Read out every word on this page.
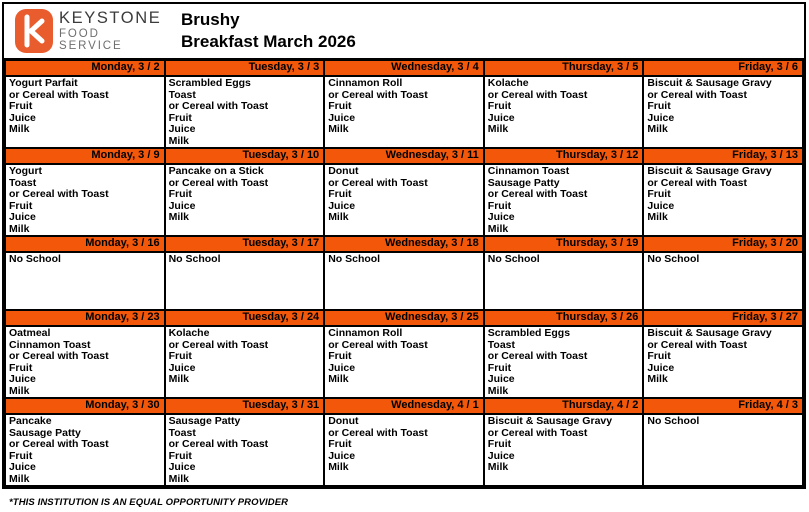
KEYSTONE
FOOD SERVICE
Brushy
Breakfast March 2026
Monday, 3 / 2	Tuesday, 3 / 3	Wednesday, 3 / 4	Thursday, 3 / 5	Friday, 3 / 6

Yogurt Parfait
or Cereal with Toast
Fruit
Juice
Milk

Scrambled Eggs
Toast
or Cereal with Toast
Fruit
Juice
Milk

Cinnamon Roll
or Cereal with Toast
Fruit
Juice
Milk

Kolache
or Cereal with Toast
Fruit
Juice
Milk

Biscuit & Sausage Gravy
or Cereal with Toast
Fruit
Juice
Milk

Monday, 3 / 9	Tuesday, 3 / 10	Wednesday, 3 / 11	Thursday, 3 / 12	Friday, 3 / 13

Yogurt
Toast
or Cereal with Toast
Fruit
Juice
Milk

Pancake on a Stick
or Cereal with Toast
Fruit
Juice
Milk

Donut
or Cereal with Toast
Fruit
Juice
Milk

Cinnamon Toast
Sausage Patty
or Cereal with Toast
Fruit
Juice
Milk

Biscuit & Sausage Gravy
or Cereal with Toast
Fruit
Juice
Milk

Monday, 3 / 16	Tuesday, 3 / 17	Wednesday, 3 / 18	Thursday, 3 / 19	Friday, 3 / 20

No School	No School	No School	No School	No School

Monday, 3 / 23	Tuesday, 3 / 24	Wednesday, 3 / 25	Thursday, 3 / 26	Friday, 3 / 27

Oatmeal
Cinnamon Toast
or Cereal with Toast
Fruit
Juice
Milk

Kolache
or Cereal with Toast
Fruit
Juice
Milk

Cinnamon Roll
or Cereal with Toast
Fruit
Juice
Milk

Scrambled Eggs
Toast
or Cereal with Toast
Fruit
Juice
Milk

Biscuit & Sausage Gravy
or Cereal with Toast
Fruit
Juice
Milk

Monday, 3 / 30	Tuesday, 3 / 31	Wednesday, 4 / 1	Thursday, 4 / 2	Friday, 4 / 3

Pancake
Sausage Patty
or Cereal with Toast
Fruit
Juice
Milk

Sausage Patty
Toast
or Cereal with Toast
Fruit
Juice
Milk

Donut
or Cereal with Toast
Fruit
Juice
Milk

Biscuit & Sausage Gravy
or Cereal with Toast
Fruit
Juice
Milk

No School
*THIS INSTITUTION IS AN EQUAL OPPORTUNITY PROVIDER
